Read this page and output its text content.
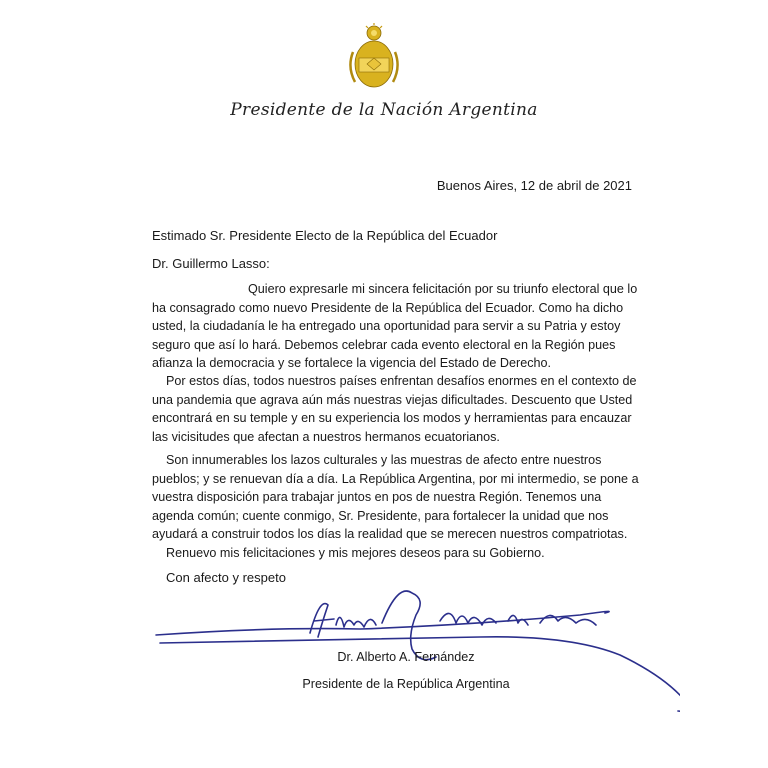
Presidente de la Nación Argentina
Buenos Aires, 12 de abril de 2021
Estimado Sr. Presidente Electo de la República del Ecuador
Dr. Guillermo Lasso:

Quiero expresarle mi sincera felicitación por su triunfo electoral que lo ha consagrado como nuevo Presidente de la República del Ecuador. Como ha dicho usted, la ciudadanía le ha entregado una oportunidad para servir a su Patria y estoy seguro que así lo hará. Debemos celebrar cada evento electoral en la Región pues afianza la democracia y se fortalece la vigencia del Estado de Derecho.

Por estos días, todos nuestros países enfrentan desafíos enormes en el contexto de una pandemia que agrava aún más nuestras viejas dificultades. Descuento que Usted encontrará en su temple y en su experiencia los modos y herramientas para encauzar las vicisitudes que afectan a nuestros hermanos ecuatorianos.

Son innumerables los lazos culturales y las muestras de afecto entre nuestros pueblos; y se renuevan día a día. La República Argentina, por mi intermedio, se pone a vuestra disposición para trabajar juntos en pos de nuestra Región. Tenemos una agenda común; cuente conmigo, Sr. Presidente, para fortalecer la unidad que nos ayudará a construir todos los días la realidad que se merecen nuestros compatriotas.

Renuevo mis felicitaciones y mis mejores deseos para su Gobierno.

Con afecto y respeto
Dr. Alberto A. Fernández
Presidente de la República Argentina
